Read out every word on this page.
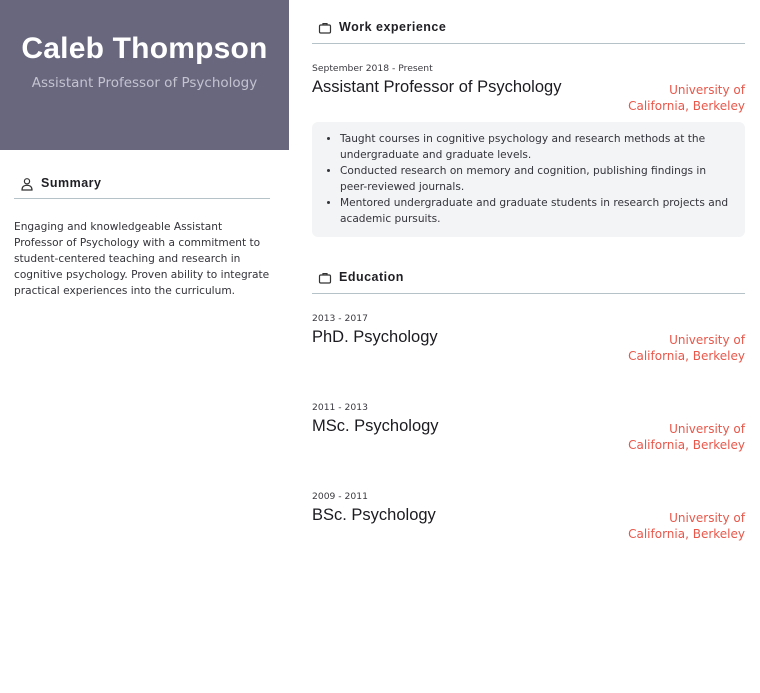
Caleb Thompson
Assistant Professor of Psychology
Summary

Engaging and knowledgeable Assistant Professor of Psychology with a commitment to student-centered teaching and research in cognitive psychology. Proven ability to integrate practical experiences into the curriculum.

Work experience
September 2018 - Present
Assistant Professor of Psychology	University of California, Berkeley
• Taught courses in cognitive psychology and research methods at the undergraduate and graduate levels.
• Conducted research on memory and cognition, publishing findings in peer-reviewed journals.
• Mentored undergraduate and graduate students in research projects and academic pursuits.
Education
2013 - 2017
PhD. Psychology	University of California, Berkeley
2011 - 2013
MSc. Psychology	University of California, Berkeley
2009 - 2011
BSc. Psychology	University of California, Berkeley
